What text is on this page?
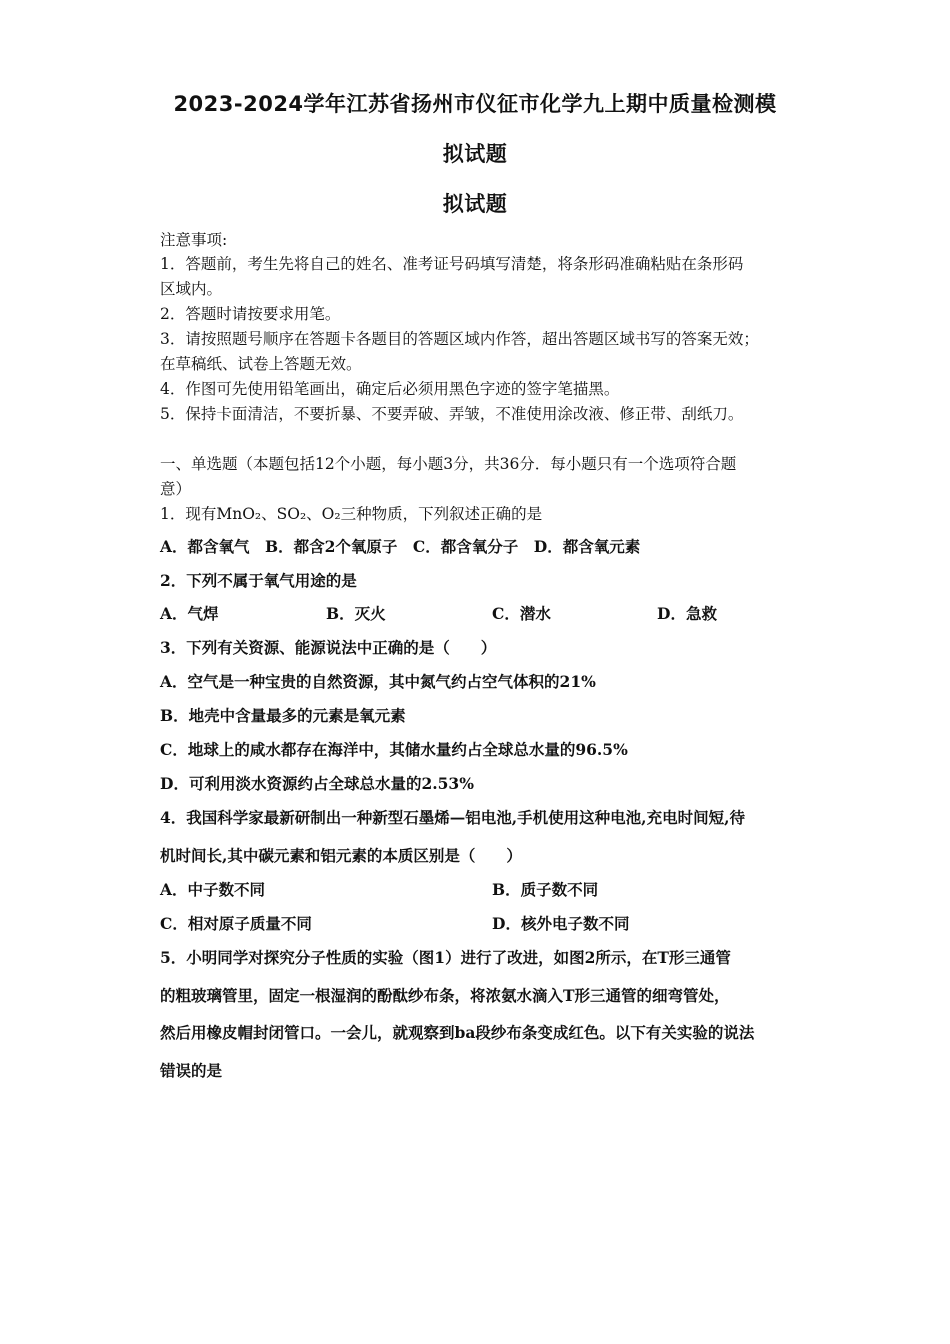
2023-2024学年江苏省扬州市仪征市化学九上期中质量检测模
拟试题
拟试题
注意事项:
1．答题前，考生先将自己的姓名、准考证号码填写清楚，将条形码准确粘贴在条形码
区域内。
2．答题时请按要求用笔。
3．请按照题号顺序在答题卡各题目的答题区域内作答，超出答题区域书写的答案无效；
在草稿纸、试卷上答题无效。
4．作图可先使用铅笔画出，确定后必须用黑色字迹的签字笔描黑。
5．保持卡面清洁，不要折暴、不要弄破、弄皱，不准使用涂改液、修正带、刮纸刀。
一、单选题（本题包括12个小题，每小题3分，共36分．每小题只有一个选项符合题
意）
1．现有MnO₂、SO₂、O₂三种物质，下列叙述正确的是
A．都含氧气　B．都含2个氧原子　C．都含氧分子　D．都含氧元素
2．下列不属于氧气用途的是
A．气焊	B．灭火	C．潜水	D．急救
3．下列有关资源、能源说法中正确的是（　　）
A．空气是一种宝贵的自然资源，其中氮气约占空气体积的21%
B．地壳中含量最多的元素是氧元素
C．地球上的咸水都存在海洋中，其储水量约占全球总水量的96.5%
D．可利用淡水资源约占全球总水量的2.53%
4．我国科学家最新研制出一种新型石墨烯—铝电池,手机使用这种电池,充电时间短,待
机时间长,其中碳元素和铝元素的本质区别是（　　）
A．中子数不同	B．质子数不同
C．相对原子质量不同	D．核外电子数不同
5．小明同学对探究分子性质的实验（图1）进行了改进，如图2所示，在T形三通管
的粗玻璃管里，固定一根湿润的酚酞纱布条，将浓氨水滴入T形三通管的细弯管处，
然后用橡皮帽封闭管口。一会儿，就观察到ba段纱布条变成红色。以下有关实验的说法
错误的是
